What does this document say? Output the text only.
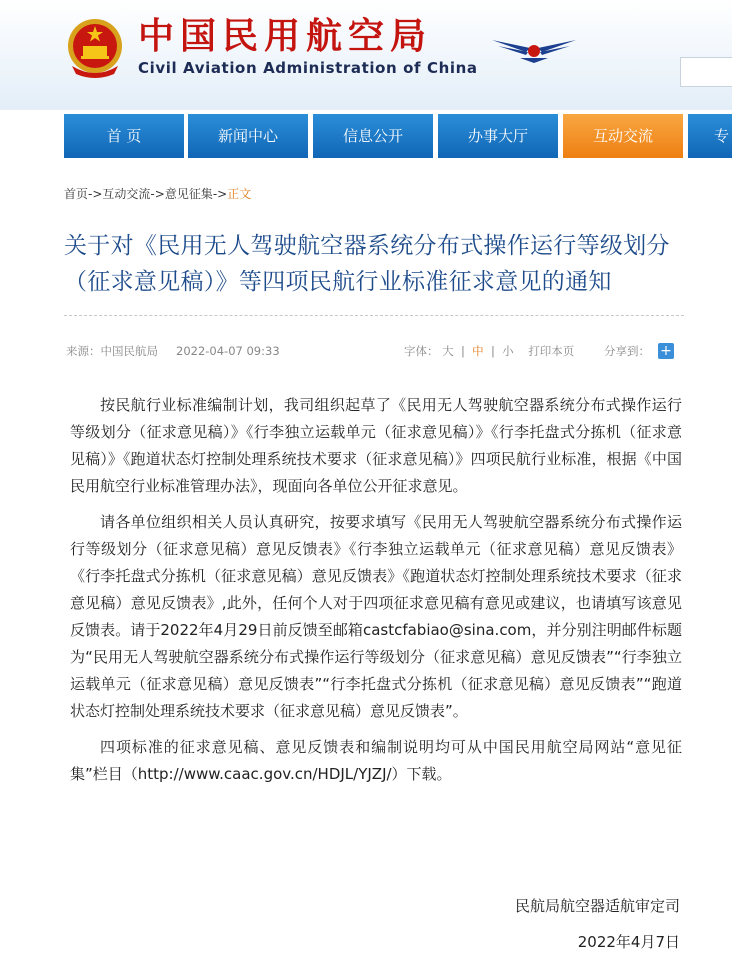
中国民用航空局
Civil Aviation Administration of China
首 页	新闻中心	信息公开	办事大厅	互动交流	专
首页->互动交流->意见征集->正文
关于对《民用无人驾驶航空器系统分布式操作运行等级划分（征求意见稿）》等四项民航行业标准征求意见的通知
来源：中国民航局 2022-04-07 09:33	字体： 大 | 中 | 小 打印本页	分享到： +

按民航行业标准编制计划，我司组织起草了《民用无人驾驶航空器系统分布式操作运行等级划分（征求意见稿）》《行李独立运载单元（征求意见稿）》《行李托盘式分拣机（征求意见稿）》《跑道状态灯控制处理系统技术要求（征求意见稿）》四项民航行业标准，根据《中国民用航空行业标准管理办法》，现面向各单位公开征求意见。

请各单位组织相关人员认真研究，按要求填写《民用无人驾驶航空器系统分布式操作运行等级划分（征求意见稿）意见反馈表》《行李独立运载单元（征求意见稿）意见反馈表》《行李托盘式分拣机（征求意见稿）意见反馈表》《跑道状态灯控制处理系统技术要求（征求意见稿）意见反馈表》,此外，任何个人对于四项征求意见稿有意见或建议，也请填写该意见反馈表。请于2022年4月29日前反馈至邮箱castcfabiao@sina.com，并分别注明邮件标题为“民用无人驾驶航空器系统分布式操作运行等级划分（征求意见稿）意见反馈表”“行李独立运载单元（征求意见稿）意见反馈表”“行李托盘式分拣机（征求意见稿）意见反馈表”“跑道状态灯控制处理系统技术要求（征求意见稿）意见反馈表”。

四项标准的征求意见稿、意见反馈表和编制说明均可从中国民用航空局网站“意见征集”栏目（http://www.caac.gov.cn/HDJL/YJZJ/）下载。

民航局航空器适航审定司
2022年4月7日
